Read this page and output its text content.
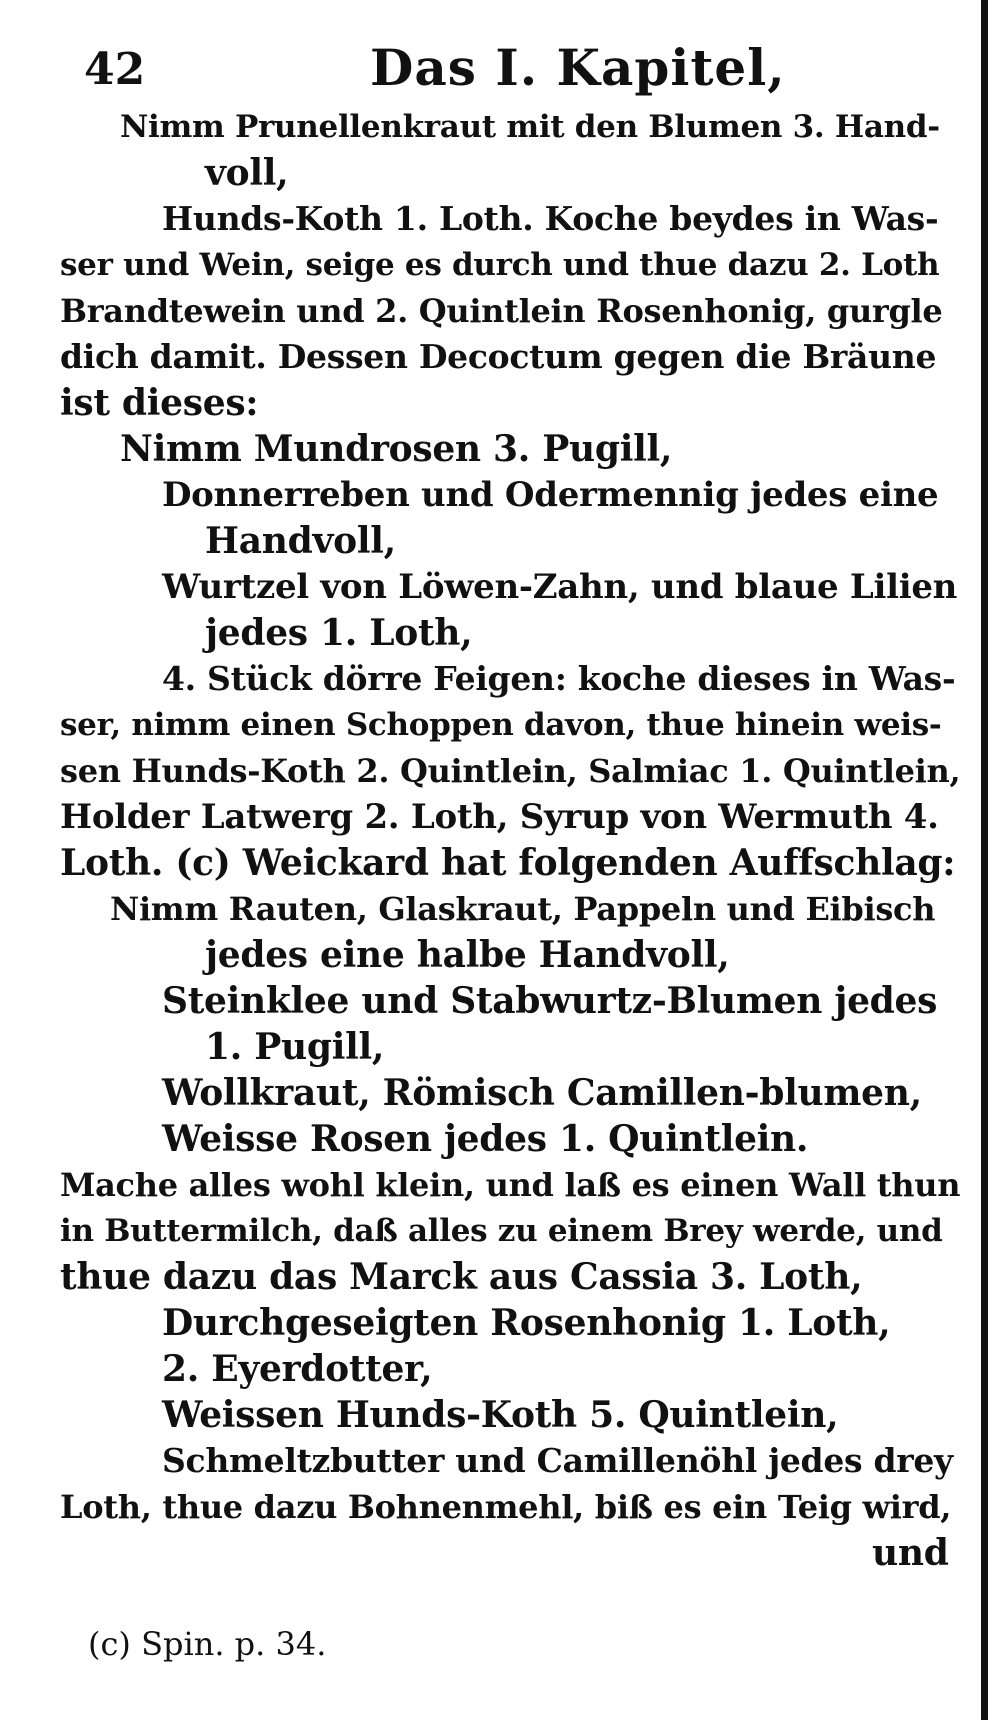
42	Das I. Kapitel,
Nimm Prunellenkraut mit den Blumen 3. Hand-
voll,
Hunds-Koth 1. Loth. Koche beydes in Was-
ser und Wein, seige es durch und thue dazu 2. Loth
Brandtewein und 2. Quintlein Rosenhonig, gurgle
dich damit. Dessen Decoctum gegen die Bräune
ist dieses:
Nimm Mundrosen 3. Pugill,
Donnerreben und Odermennig jedes eine
Handvoll,
Wurtzel von Löwen-Zahn, und blaue Lilien
jedes 1. Loth,
4. Stück dörre Feigen: koche dieses in Was-
ser, nimm einen Schoppen davon, thue hinein weis-
sen Hunds-Koth 2. Quintlein, Salmiac 1. Quintlein,
Holder Latwerg 2. Loth, Syrup von Wermuth 4.
Loth. (c) Weickard hat folgenden Auffschlag:
Nimm Rauten, Glaskraut, Pappeln und Eibisch
jedes eine halbe Handvoll,
Steinklee und Stabwurtz-Blumen jedes
1. Pugill,
Wollkraut, Römisch Camillen-blumen,
Weisse Rosen jedes 1. Quintlein.
Mache alles wohl klein, und laß es einen Wall thun
in Buttermilch, daß alles zu einem Brey werde, und
thue dazu das Marck aus Cassia 3. Loth,
Durchgeseigten Rosenhonig 1. Loth,
2. Eyerdotter,
Weissen Hunds-Koth 5. Quintlein,
Schmeltzbutter und Camillenöhl jedes drey
Loth, thue dazu Bohnenmehl, biß es ein Teig wird,
und
(c) Spin. p. 34.
